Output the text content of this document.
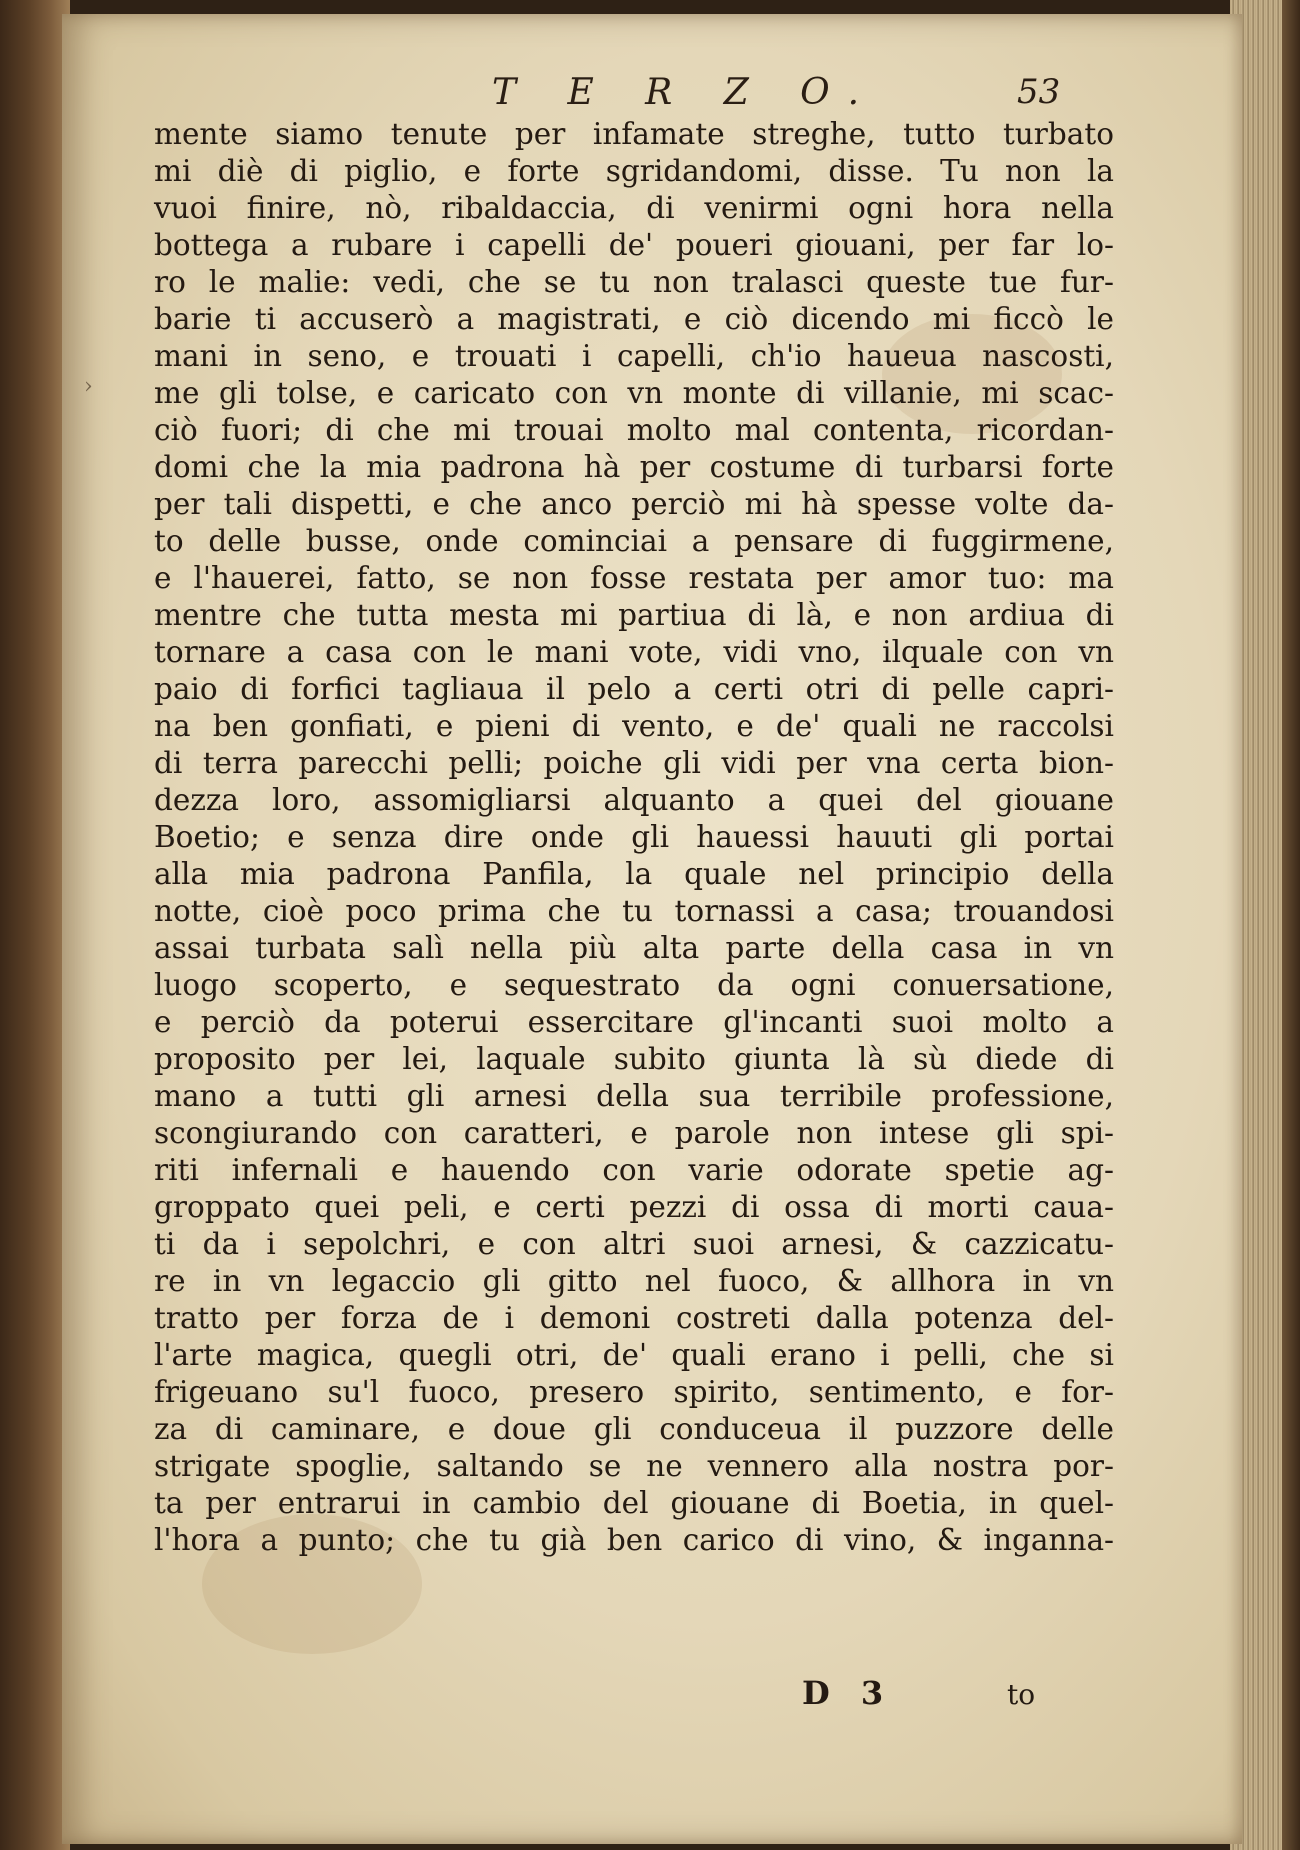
›
T E R Z O.	53
mente siamo tenute per infamate streghe, tutto turbato
mi diè di piglio, e forte sgridandomi, disse. Tu non la
vuoi finire, nò, ribaldaccia, di venirmi ogni hora nella
bottega a rubare i capelli de' poueri giouani, per far lo-
ro le malie: vedi, che se tu non tralasci queste tue fur-
barie ti accuserò a magistrati, e ciò dicendo mi ficcò le
mani in seno, e trouati i capelli, ch'io haueua nascosti,
me gli tolse, e caricato con vn monte di villanie, mi scac-
ciò fuori; di che mi trouai molto mal contenta, ricordan-
domi che la mia padrona hà per costume di turbarsi forte
per tali dispetti, e che anco perciò mi hà spesse volte da-
to delle busse, onde cominciai a pensare di fuggirmene,
e l'hauerei, fatto, se non fosse restata per amor tuo: ma
mentre che tutta mesta mi partiua di là, e non ardiua di
tornare a casa con le mani vote, vidi vno, ilquale con vn
paio di forfici tagliaua il pelo a certi otri di pelle capri-
na ben gonfiati, e pieni di vento, e de' quali ne raccolsi
di terra parecchi pelli; poiche gli vidi per vna certa bion-
dezza loro, assomigliarsi alquanto a quei del giouane
Boetio; e senza dire onde gli hauessi hauuti gli portai
alla mia padrona Panfila, la quale nel principio della
notte, cioè poco prima che tu tornassi a casa; trouandosi
assai turbata salì nella più alta parte della casa in vn
luogo scoperto, e sequestrato da ogni conuersatione,
e perciò da poterui essercitare gl'incanti suoi molto a
proposito per lei, laquale subito giunta là sù diede di
mano a tutti gli arnesi della sua terribile professione,
scongiurando con caratteri, e parole non intese gli spi-
riti infernali e hauendo con varie odorate spetie ag-
groppato quei peli, e certi pezzi di ossa di morti caua-
ti da i sepolchri, e con altri suoi arnesi, & cazzicatu-
re in vn legaccio gli gitto nel fuoco, & allhora in vn
tratto per forza de i demoni costreti dalla potenza del-
l'arte magica, quegli otri, de' quali erano i pelli, che si
frigeuano su'l fuoco, presero spirito, sentimento, e for-
za di caminare, e doue gli conduceua il puzzore delle
strigate spoglie, saltando se ne vennero alla nostra por-
ta per entrarui in cambio del giouane di Boetia, in quel-
l'hora a punto; che tu già ben carico di vino, & inganna-
D 3	to
